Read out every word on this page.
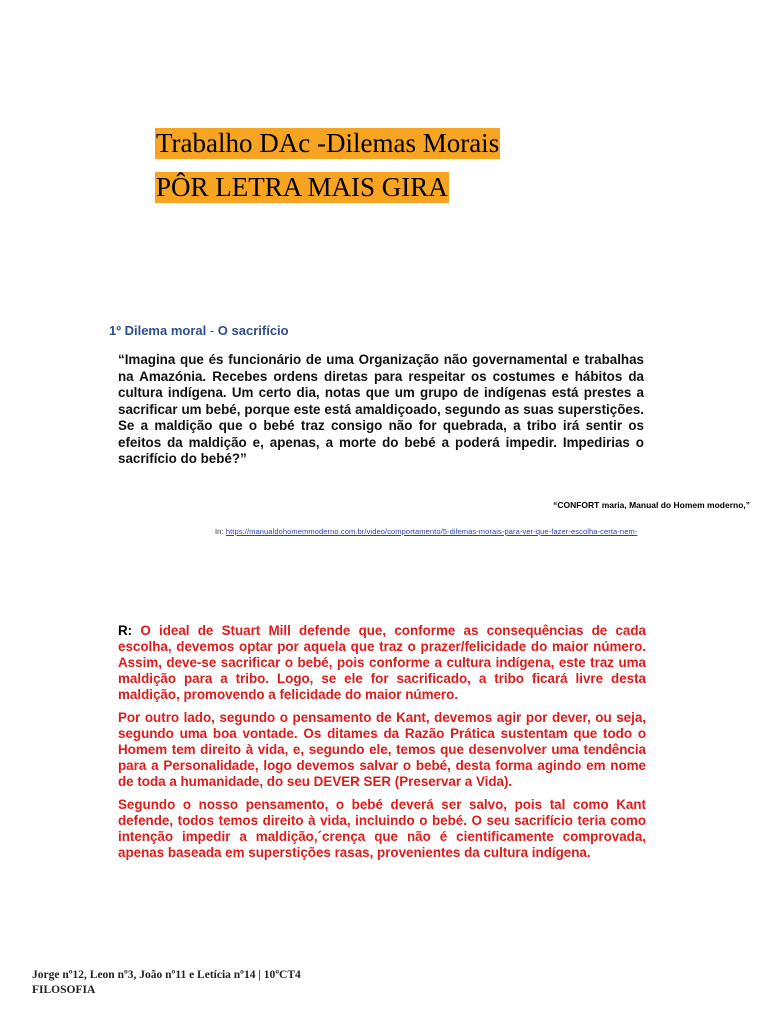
Trabalho DAc -Dilemas Morais
PÔR LETRA MAIS GIRA
1º Dilema moral - O sacrifício
“Imagina que és funcionário de uma Organização não governamental e trabalhas na Amazónia. Recebes ordens diretas para respeitar os costumes e hábitos da cultura indígena. Um certo dia, notas que um grupo de indígenas está prestes a sacrificar um bebé, porque este está amaldiçoado, segundo as suas superstições. Se a maldição que o bebé traz consigo não for quebrada, a tribo irá sentir os efeitos da maldição e, apenas, a morte do bebé a poderá impedir. Impedirias o sacrifício do bebé?”
“CONFORT maria, Manual do Homem moderno,”
In: https://manualdohomemmoderno.com.br/video/comportamento/5-dilemas-morais-para-ver-que-fazer-escolha-certa-nem-

R: O ideal de Stuart Mill defende que, conforme as consequências de cada escolha, devemos optar por aquela que traz o prazer/felicidade do maior número. Assim, deve-se sacrificar o bebé, pois conforme a cultura indígena, este traz uma maldição para a tribo. Logo, se ele for sacrificado, a tribo ficará livre desta maldição, promovendo a felicidade do maior número.

Por outro lado, segundo o pensamento de Kant, devemos agir por dever, ou seja, segundo uma boa vontade. Os ditames da Razão Prática sustentam que todo o Homem tem direito à vida, e, segundo ele, temos que desenvolver uma tendência para a Personalidade, logo devemos salvar o bebé, desta forma agindo em nome de toda a humanidade, do seu DEVER SER (Preservar a Vida).

Segundo o nosso pensamento, o bebé deverá ser salvo, pois tal como Kant defende, todos temos direito à vida, incluindo o bebé. O seu sacrifício teria como intenção impedir a maldição,´crença que não é cientificamente comprovada, apenas baseada em superstições rasas, provenientes da cultura indígena.

Jorge nº12, Leon nº3, João nº11 e Letícia nº14 | 10ºCT4
FILOSOFIA
